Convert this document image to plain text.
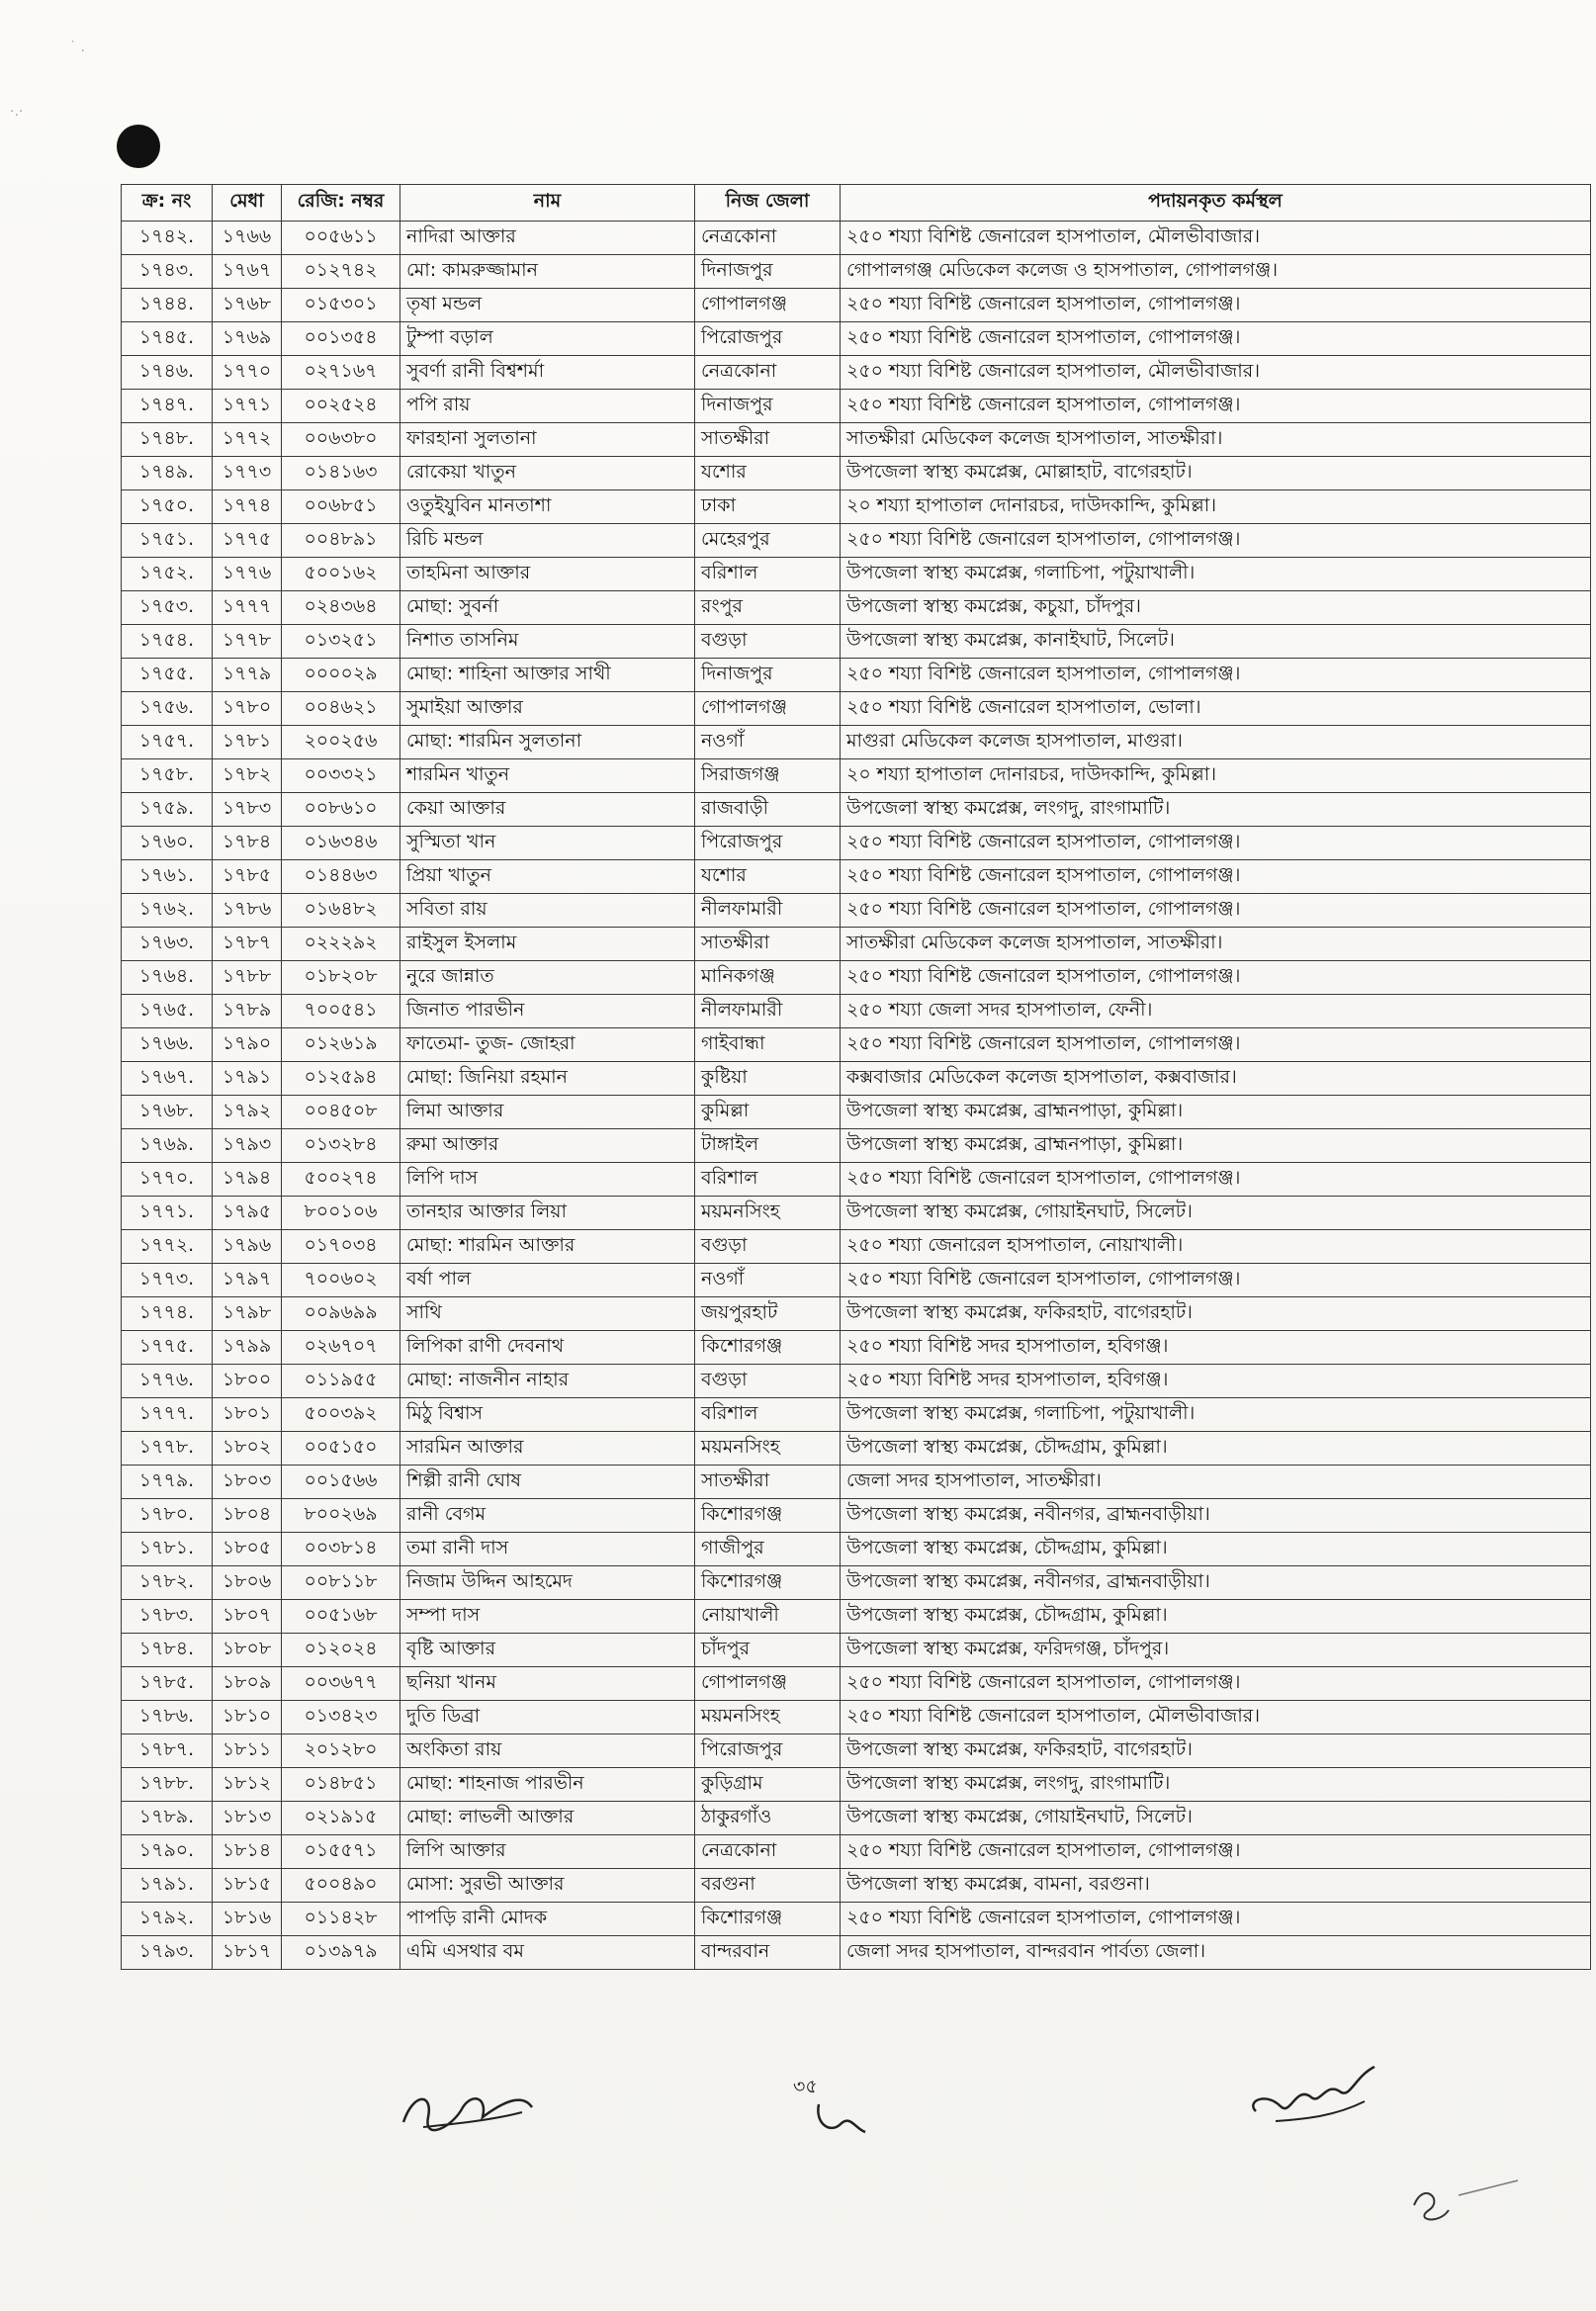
·.·
˙ .
ক্র: নং	মেধা	রেজি: নম্বর	নাম	নিজ জেলা	পদায়নকৃত কর্মস্থল
১৭৪২.	১৭৬৬	০০৫৬১১	নাদিরা আক্তার	নেত্রকোনা	২৫০ শয্যা বিশিষ্ট জেনারেল হাসপাতাল, মৌলভীবাজার।
১৭৪৩.	১৭৬৭	০১২৭৪২	মো: কামরুজ্জামান	দিনাজপুর	গোপালগঞ্জ মেডিকেল কলেজ ও হাসপাতাল, গোপালগঞ্জ।
১৭৪৪.	১৭৬৮	০১৫৩০১	তৃষা মন্ডল	গোপালগঞ্জ	২৫০ শয্যা বিশিষ্ট জেনারেল হাসপাতাল, গোপালগঞ্জ।
১৭৪৫.	১৭৬৯	০০১৩৫৪	টুম্পা বড়াল	পিরোজপুর	২৫০ শয্যা বিশিষ্ট জেনারেল হাসপাতাল, গোপালগঞ্জ।
১৭৪৬.	১৭৭০	০২৭১৬৭	সুবর্ণা রানী বিশ্বশর্মা	নেত্রকোনা	২৫০ শয্যা বিশিষ্ট জেনারেল হাসপাতাল, মৌলভীবাজার।
১৭৪৭.	১৭৭১	০০২৫২৪	পপি রায়	দিনাজপুর	২৫০ শয্যা বিশিষ্ট জেনারেল হাসপাতাল, গোপালগঞ্জ।
১৭৪৮.	১৭৭২	০০৬৩৮০	ফারহানা সুলতানা	সাতক্ষীরা	সাতক্ষীরা মেডিকেল কলেজ হাসপাতাল, সাতক্ষীরা।
১৭৪৯.	১৭৭৩	০১৪১৬৩	রোকেয়া খাতুন	যশোর	উপজেলা স্বাস্থ্য কমপ্লেক্স, মোল্লাহাট, বাগেরহাট।
১৭৫০.	১৭৭৪	০০৬৮৫১	ওতুইযুবিন মানতাশা	ঢাকা	২০ শয্যা হাপাতাল দোনারচর, দাউদকান্দি, কুমিল্লা।
১৭৫১.	১৭৭৫	০০৪৮৯১	রিচি মন্ডল	মেহেরপুর	২৫০ শয্যা বিশিষ্ট জেনারেল হাসপাতাল, গোপালগঞ্জ।
১৭৫২.	১৭৭৬	৫০০১৬২	তাহমিনা আক্তার	বরিশাল	উপজেলা স্বাস্থ্য কমপ্লেক্স, গলাচিপা, পটুয়াখালী।
১৭৫৩.	১৭৭৭	০২৪৩৬৪	মোছা: সুবর্না	রংপুর	উপজেলা স্বাস্থ্য কমপ্লেক্স, কচুয়া, চাঁদপুর।
১৭৫৪.	১৭৭৮	০১৩২৫১	নিশাত তাসনিম	বগুড়া	উপজেলা স্বাস্থ্য কমপ্লেক্স, কানাইঘাট, সিলেট।
১৭৫৫.	১৭৭৯	০০০০২৯	মোছা: শাহিনা আক্তার সাথী	দিনাজপুর	২৫০ শয্যা বিশিষ্ট জেনারেল হাসপাতাল, গোপালগঞ্জ।
১৭৫৬.	১৭৮০	০০৪৬২১	সুমাইয়া আক্তার	গোপালগঞ্জ	২৫০ শয্যা বিশিষ্ট জেনারেল হাসপাতাল, ভোলা।
১৭৫৭.	১৭৮১	২০০২৫৬	মোছা: শারমিন সুলতানা	নওগাঁ	মাগুরা মেডিকেল কলেজ হাসপাতাল, মাগুরা।
১৭৫৮.	১৭৮২	০০৩৩২১	শারমিন খাতুন	সিরাজগঞ্জ	২০ শয্যা হাপাতাল দোনারচর, দাউদকান্দি, কুমিল্লা।
১৭৫৯.	১৭৮৩	০০৮৬১০	কেয়া আক্তার	রাজবাড়ী	উপজেলা স্বাস্থ্য কমপ্লেক্স, লংগদু, রাংগামাটি।
১৭৬০.	১৭৮৪	০১৬৩৪৬	সুস্মিতা খান	পিরোজপুর	২৫০ শয্যা বিশিষ্ট জেনারেল হাসপাতাল, গোপালগঞ্জ।
১৭৬১.	১৭৮৫	০১৪৪৬৩	প্রিয়া খাতুন	যশোর	২৫০ শয্যা বিশিষ্ট জেনারেল হাসপাতাল, গোপালগঞ্জ।
১৭৬২.	১৭৮৬	০১৬৪৮২	সবিতা রায়	নীলফামারী	২৫০ শয্যা বিশিষ্ট জেনারেল হাসপাতাল, গোপালগঞ্জ।
১৭৬৩.	১৭৮৭	০২২২৯২	রাইসুল ইসলাম	সাতক্ষীরা	সাতক্ষীরা মেডিকেল কলেজ হাসপাতাল, সাতক্ষীরা।
১৭৬৪.	১৭৮৮	০১৮২০৮	নুরে জান্নাত	মানিকগঞ্জ	২৫০ শয্যা বিশিষ্ট জেনারেল হাসপাতাল, গোপালগঞ্জ।
১৭৬৫.	১৭৮৯	৭০০৫৪১	জিনাত পারভীন	নীলফামারী	২৫০ শয্যা জেলা সদর হাসপাতাল, ফেনী।
১৭৬৬.	১৭৯০	০১২৬১৯	ফাতেমা- তুজ- জোহরা	গাইবান্ধা	২৫০ শয্যা বিশিষ্ট জেনারেল হাসপাতাল, গোপালগঞ্জ।
১৭৬৭.	১৭৯১	০১২৫৯৪	মোছা: জিনিয়া রহমান	কুষ্টিয়া	কক্সবাজার মেডিকেল কলেজ হাসপাতাল, কক্সবাজার।
১৭৬৮.	১৭৯২	০০৪৫০৮	লিমা আক্তার	কুমিল্লা	উপজেলা স্বাস্থ্য কমপ্লেক্স, ব্রাহ্মনপাড়া, কুমিল্লা।
১৭৬৯.	১৭৯৩	০১৩২৮৪	রুমা আক্তার	টাঙ্গাইল	উপজেলা স্বাস্থ্য কমপ্লেক্স, ব্রাহ্মনপাড়া, কুমিল্লা।
১৭৭০.	১৭৯৪	৫০০২৭৪	লিপি দাস	বরিশাল	২৫০ শয্যা বিশিষ্ট জেনারেল হাসপাতাল, গোপালগঞ্জ।
১৭৭১.	১৭৯৫	৮০০১০৬	তানহার আক্তার লিয়া	ময়মনসিংহ	উপজেলা স্বাস্থ্য কমপ্লেক্স, গোয়াইনঘাট, সিলেট।
১৭৭২.	১৭৯৬	০১৭০৩৪	মোছা: শারমিন আক্তার	বগুড়া	২৫০ শয্যা জেনারেল হাসপাতাল, নোয়াখালী।
১৭৭৩.	১৭৯৭	৭০০৬০২	বর্ষা পাল	নওগাঁ	২৫০ শয্যা বিশিষ্ট জেনারেল হাসপাতাল, গোপালগঞ্জ।
১৭৭৪.	১৭৯৮	০০৯৬৯৯	সাথি	জয়পুরহাট	উপজেলা স্বাস্থ্য কমপ্লেক্স, ফকিরহাট, বাগেরহাট।
১৭৭৫.	১৭৯৯	০২৬৭০৭	লিপিকা রাণী দেবনাথ	কিশোরগঞ্জ	২৫০ শয্যা বিশিষ্ট সদর হাসপাতাল, হবিগঞ্জ।
১৭৭৬.	১৮০০	০১১৯৫৫	মোছা: নাজনীন নাহার	বগুড়া	২৫০ শয্যা বিশিষ্ট সদর হাসপাতাল, হবিগঞ্জ।
১৭৭৭.	১৮০১	৫০০৩৯২	মিঠু বিশ্বাস	বরিশাল	উপজেলা স্বাস্থ্য কমপ্লেক্স, গলাচিপা, পটুয়াখালী।
১৭৭৮.	১৮০২	০০৫১৫০	সারমিন আক্তার	ময়মনসিংহ	উপজেলা স্বাস্থ্য কমপ্লেক্স, চৌদ্দগ্রাম, কুমিল্লা।
১৭৭৯.	১৮০৩	০০১৫৬৬	শিল্পী রানী ঘোষ	সাতক্ষীরা	জেলা সদর হাসপাতাল, সাতক্ষীরা।
১৭৮০.	১৮০৪	৮০০২৬৯	রানী বেগম	কিশোরগঞ্জ	উপজেলা স্বাস্থ্য কমপ্লেক্স, নবীনগর, ব্রাহ্মনবাড়ীয়া।
১৭৮১.	১৮০৫	০০৩৮১৪	তমা রানী দাস	গাজীপুর	উপজেলা স্বাস্থ্য কমপ্লেক্স, চৌদ্দগ্রাম, কুমিল্লা।
১৭৮২.	১৮০৬	০০৮১১৮	নিজাম উদ্দিন আহমেদ	কিশোরগঞ্জ	উপজেলা স্বাস্থ্য কমপ্লেক্স, নবীনগর, ব্রাহ্মনবাড়ীয়া।
১৭৮৩.	১৮০৭	০০৫১৬৮	সম্পা দাস	নোয়াখালী	উপজেলা স্বাস্থ্য কমপ্লেক্স, চৌদ্দগ্রাম, কুমিল্লা।
১৭৮৪.	১৮০৮	০১২০২৪	বৃষ্টি আক্তার	চাঁদপুর	উপজেলা স্বাস্থ্য কমপ্লেক্স, ফরিদগঞ্জ, চাঁদপুর।
১৭৮৫.	১৮০৯	০০৩৬৭৭	ছনিয়া খানম	গোপালগঞ্জ	২৫০ শয্যা বিশিষ্ট জেনারেল হাসপাতাল, গোপালগঞ্জ।
১৭৮৬.	১৮১০	০১৩৪২৩	দুতি ডিব্রা	ময়মনসিংহ	২৫০ শয্যা বিশিষ্ট জেনারেল হাসপাতাল, মৌলভীবাজার।
১৭৮৭.	১৮১১	২০১২৮০	অংকিতা রায়	পিরোজপুর	উপজেলা স্বাস্থ্য কমপ্লেক্স, ফকিরহাট, বাগেরহাট।
১৭৮৮.	১৮১২	০১৪৮৫১	মোছা: শাহনাজ পারভীন	কুড়িগ্রাম	উপজেলা স্বাস্থ্য কমপ্লেক্স, লংগদু, রাংগামাটি।
১৭৮৯.	১৮১৩	০২১৯১৫	মোছা: লাভলী আক্তার	ঠাকুরগাঁও	উপজেলা স্বাস্থ্য কমপ্লেক্স, গোয়াইনঘাট, সিলেট।
১৭৯০.	১৮১৪	০১৫৫৭১	লিপি আক্তার	নেত্রকোনা	২৫০ শয্যা বিশিষ্ট জেনারেল হাসপাতাল, গোপালগঞ্জ।
১৭৯১.	১৮১৫	৫০০৪৯০	মোসা: সুরভী আক্তার	বরগুনা	উপজেলা স্বাস্থ্য কমপ্লেক্স, বামনা, বরগুনা।
১৭৯২.	১৮১৬	০১১৪২৮	পাপড়ি রানী মোদক	কিশোরগঞ্জ	২৫০ শয্যা বিশিষ্ট জেনারেল হাসপাতাল, গোপালগঞ্জ।
১৭৯৩.	১৮১৭	০১৩৯৭৯	এমি এসথার বম	বান্দরবান	জেলা সদর হাসপাতাল, বান্দরবান পার্বত্য জেলা।
৩৫
